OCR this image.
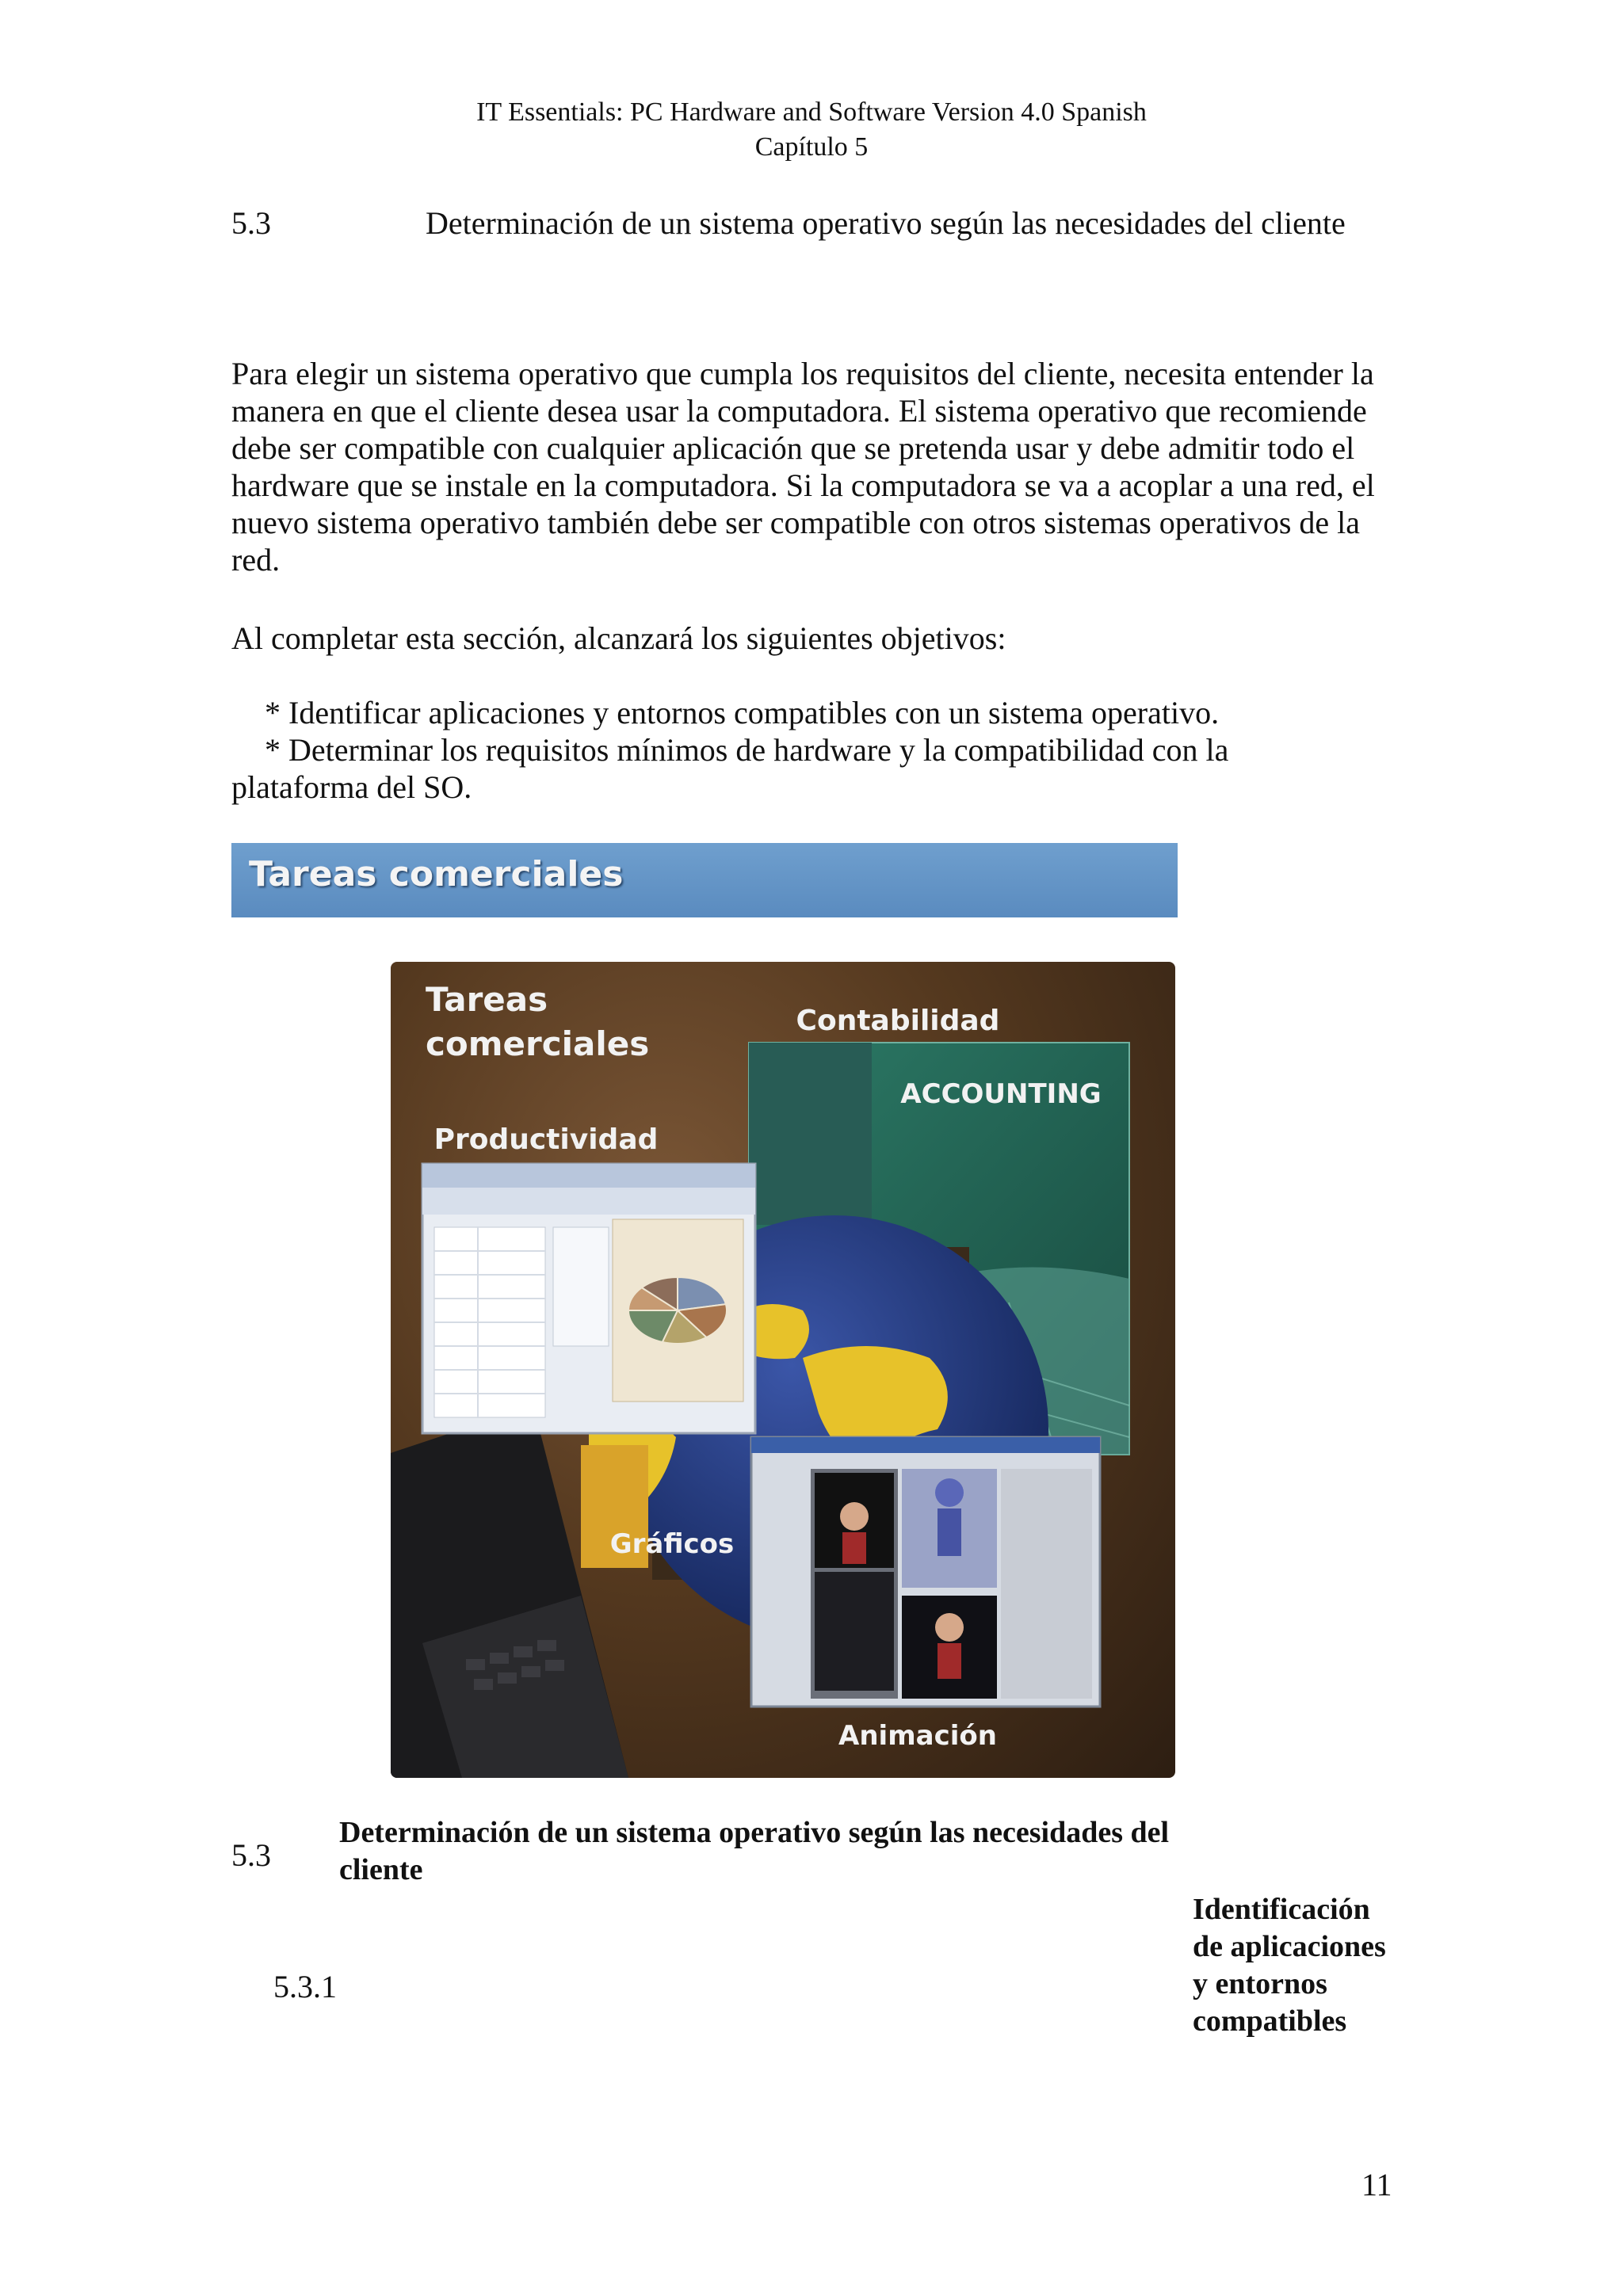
IT Essentials: PC Hardware and Software Version 4.0 Spanish
Capítulo 5
5.3	Determinación de un sistema operativo según las necesidades del cliente

Para elegir un sistema operativo que cumpla los requisitos del cliente, necesita entender la manera en que el cliente desea usar la computadora. El sistema operativo que recomiende debe ser compatible con cualquier aplicación que se pretenda usar y debe admitir todo el hardware que se instale en la computadora. Si la computadora se va a acoplar a una red, el nuevo sistema operativo también debe ser compatible con otros sistemas operativos de la red.

Al completar esta sección, alcanzará los siguientes objetivos:

* Identificar aplicaciones y entornos compatibles con un sistema operativo.
* Determinar los requisitos mínimos de hardware y la compatibilidad con la
plataforma del SO.
Tareas comerciales
ACCOUNTING
Tareas
comerciales
Contabilidad
Productividad
Gráficos
Animación
5.3
Determinación de un sistema operativo según las necesidades del cliente
5.3.1
Identificación de aplicaciones y entornos compatibles
11
